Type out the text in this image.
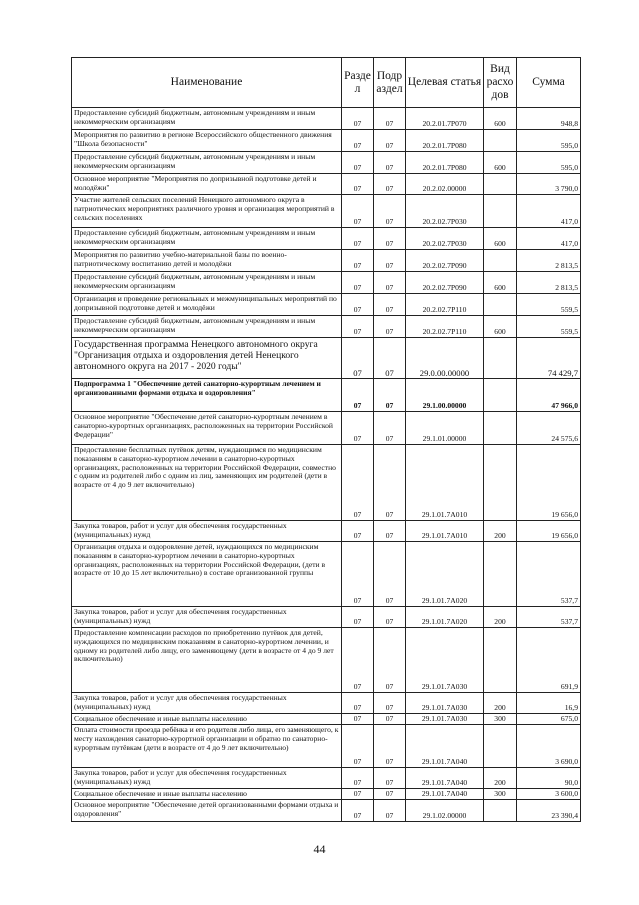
Наименование	Разде л	Подр аздел	Целевая статья	Вид расхо дов	Сумма
Предоставление субсидий бюджетным, автономным учреждениям и иным некоммерческим организациям	07	07	20.2.01.7Р070	600	948,8
Мероприятия по развитию в регионе Всероссийского общественного движения "Школа безопасности"	07	07	20.2.01.7Р080		595,0
Предоставление субсидий бюджетным, автономным учреждениям и иным некоммерческим организациям	07	07	20.2.01.7Р080	600	595,0
Основное мероприятие "Мероприятия по допризывной подготовке детей и молодёжи"	07	07	20.2.02.00000		3 790,0
Участие жителей сельских поселений Ненецкого автономного округа в патриотических мероприятиях различного уровня и организация мероприятий в сельских поселениях	07	07	20.2.02.7Р030		417,0
Предоставление субсидий бюджетным, автономным учреждениям и иным некоммерческим организациям	07	07	20.2.02.7Р030	600	417,0
Мероприятия по развитию учебно-материальной базы по военно-патриотическому воспитанию детей и молодёжи	07	07	20.2.02.7Р090		2 813,5
Предоставление субсидий бюджетным, автономным учреждениям и иным некоммерческим организациям	07	07	20.2.02.7Р090	600	2 813,5
Организация и проведение региональных и межмуниципальных мероприятий по допризывной подготовке детей и молодёжи	07	07	20.2.02.7Р110		559,5
Предоставление субсидий бюджетным, автономным учреждениям и иным некоммерческим организациям	07	07	20.2.02.7Р110	600	559,5
Государственная программа Ненецкого автономного округа "Организация отдыха и оздоровления детей Ненецкого автономного округа на 2017 - 2020 годы"	07	07	29.0.00.00000		74 429,7
Подпрограмма 1 "Обеспечение детей санаторно-курортным лечением и организованными формами отдыха и оздоровления"	07	07	29.1.00.00000		47 966,0
Основное мероприятие "Обеспечение детей санаторно-курортным лечением в санаторно-курортных организациях, расположенных на территории Российской Федерации"	07	07	29.1.01.00000		24 575,6
Предоставление бесплатных путёвок детям, нуждающимся по медицинским показаниям в санаторно-курортном лечении в санаторно-курортных организациях, расположенных на территории Российской Федерации, совместно с одним из родителей либо с одним из лиц, заменяющих им родителей (дети в возрасте от 4 до 9 лет включительно)	07	07	29.1.01.7А010		19 656,0
Закупка товаров, работ и услуг для обеспечения государственных (муниципальных) нужд	07	07	29.1.01.7А010	200	19 656,0
Организация отдыха и оздоровление детей, нуждающихся по медицинским показаниям в санаторно-курортном лечении в санаторно-курортных организациях, расположенных на территории Российской Федерации, (дети в возрасте от 10 до 15 лет включительно) в составе организованной группы	07	07	29.1.01.7А020		537,7
Закупка товаров, работ и услуг для обеспечения государственных (муниципальных) нужд	07	07	29.1.01.7А020	200	537,7
Предоставление компенсации расходов по приобретению путёвок для детей, нуждающихся по медицинским показаниям в санаторно-курортном лечении, и одному из родителей либо лицу, его заменяющему (дети в возрасте от 4 до 9 лет включительно)	07	07	29.1.01.7А030		691,9
Закупка товаров, работ и услуг для обеспечения государственных (муниципальных) нужд	07	07	29.1.01.7А030	200	16,9
Социальное обеспечение и иные выплаты населению	07	07	29.1.01.7А030	300	675,0
Оплата стоимости проезда ребёнка и его родителя либо лица, его заменяющего, к месту нахождения санаторно-курортной организации и обратно по санаторно-курортным путёвкам (дети в возрасте от 4 до 9 лет включительно)	07	07	29.1.01.7А040		3 690,0
Закупка товаров, работ и услуг для обеспечения государственных (муниципальных) нужд	07	07	29.1.01.7А040	200	90,0
Социальное обеспечение и иные выплаты населению	07	07	29.1.01.7А040	300	3 600,0
Основное мероприятие "Обеспечение детей организованными формами отдыха и оздоровления"	07	07	29.1.02.00000		23 390,4
44
